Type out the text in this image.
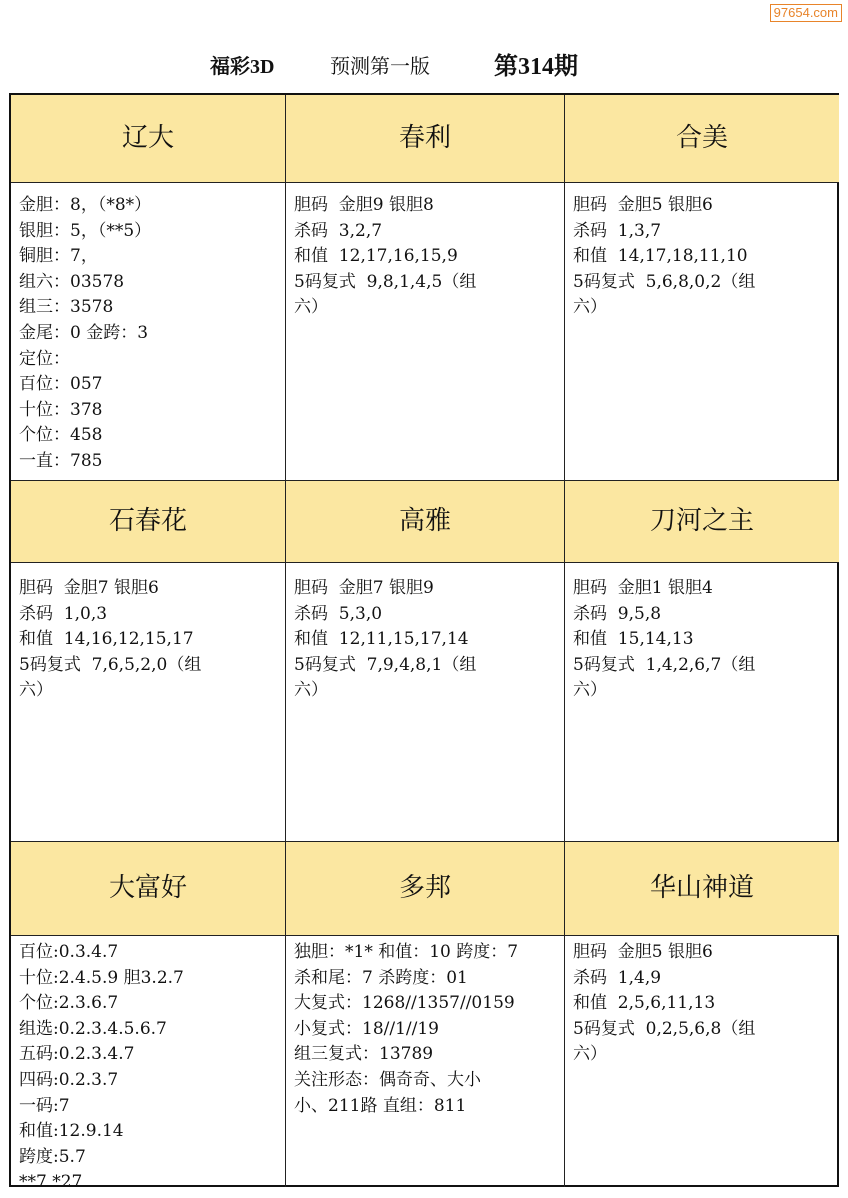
97654.com
福彩3D	预测第一版	第314期
辽大
金胆：8，（*8*）
银胆：5，（**5）
铜胆：7，
组六：03578
组三：3578
金尾：0 金跨：3
定位：
百位：057
十位：378
个位：458
一直：785
春利
胆码  金胆9 银胆8
杀码  3,2,7
和值  12,17,16,15,9
5码复式  9,8,1,4,5（组
六）
合美
胆码  金胆5 银胆6
杀码  1,3,7
和值  14,17,18,11,10
5码复式  5,6,8,0,2（组
六）
石春花
胆码  金胆7 银胆6
杀码  1,0,3
和值  14,16,12,15,17
5码复式  7,6,5,2,0（组
六）
高雅
胆码  金胆7 银胆9
杀码  5,3,0
和值  12,11,15,17,14
5码复式  7,9,4,8,1（组
六）
刀河之主
胆码  金胆1 银胆4
杀码  9,5,8
和值  15,14,13
5码复式  1,4,2,6,7（组
六）
大富好
百位:0.3.4.7
十位:2.4.5.9 胆3.2.7
个位:2.3.6.7
组选:0.2.3.4.5.6.7
五码:0.2.3.4.7
四码:0.2.3.7
一码:7
和值:12.9.14
跨度:5.7
**7 *27
多邦
独胆：*1* 和值：10 跨度：7
杀和尾：7 杀跨度：01
大复式：1268//1357//0159
小复式：18//1//19
组三复式：13789
关注形态：偶奇奇、大小
小、211路 直组：811
华山神道
胆码  金胆5 银胆6
杀码  1,4,9
和值  2,5,6,11,13
5码复式  0,2,5,6,8（组
六）
